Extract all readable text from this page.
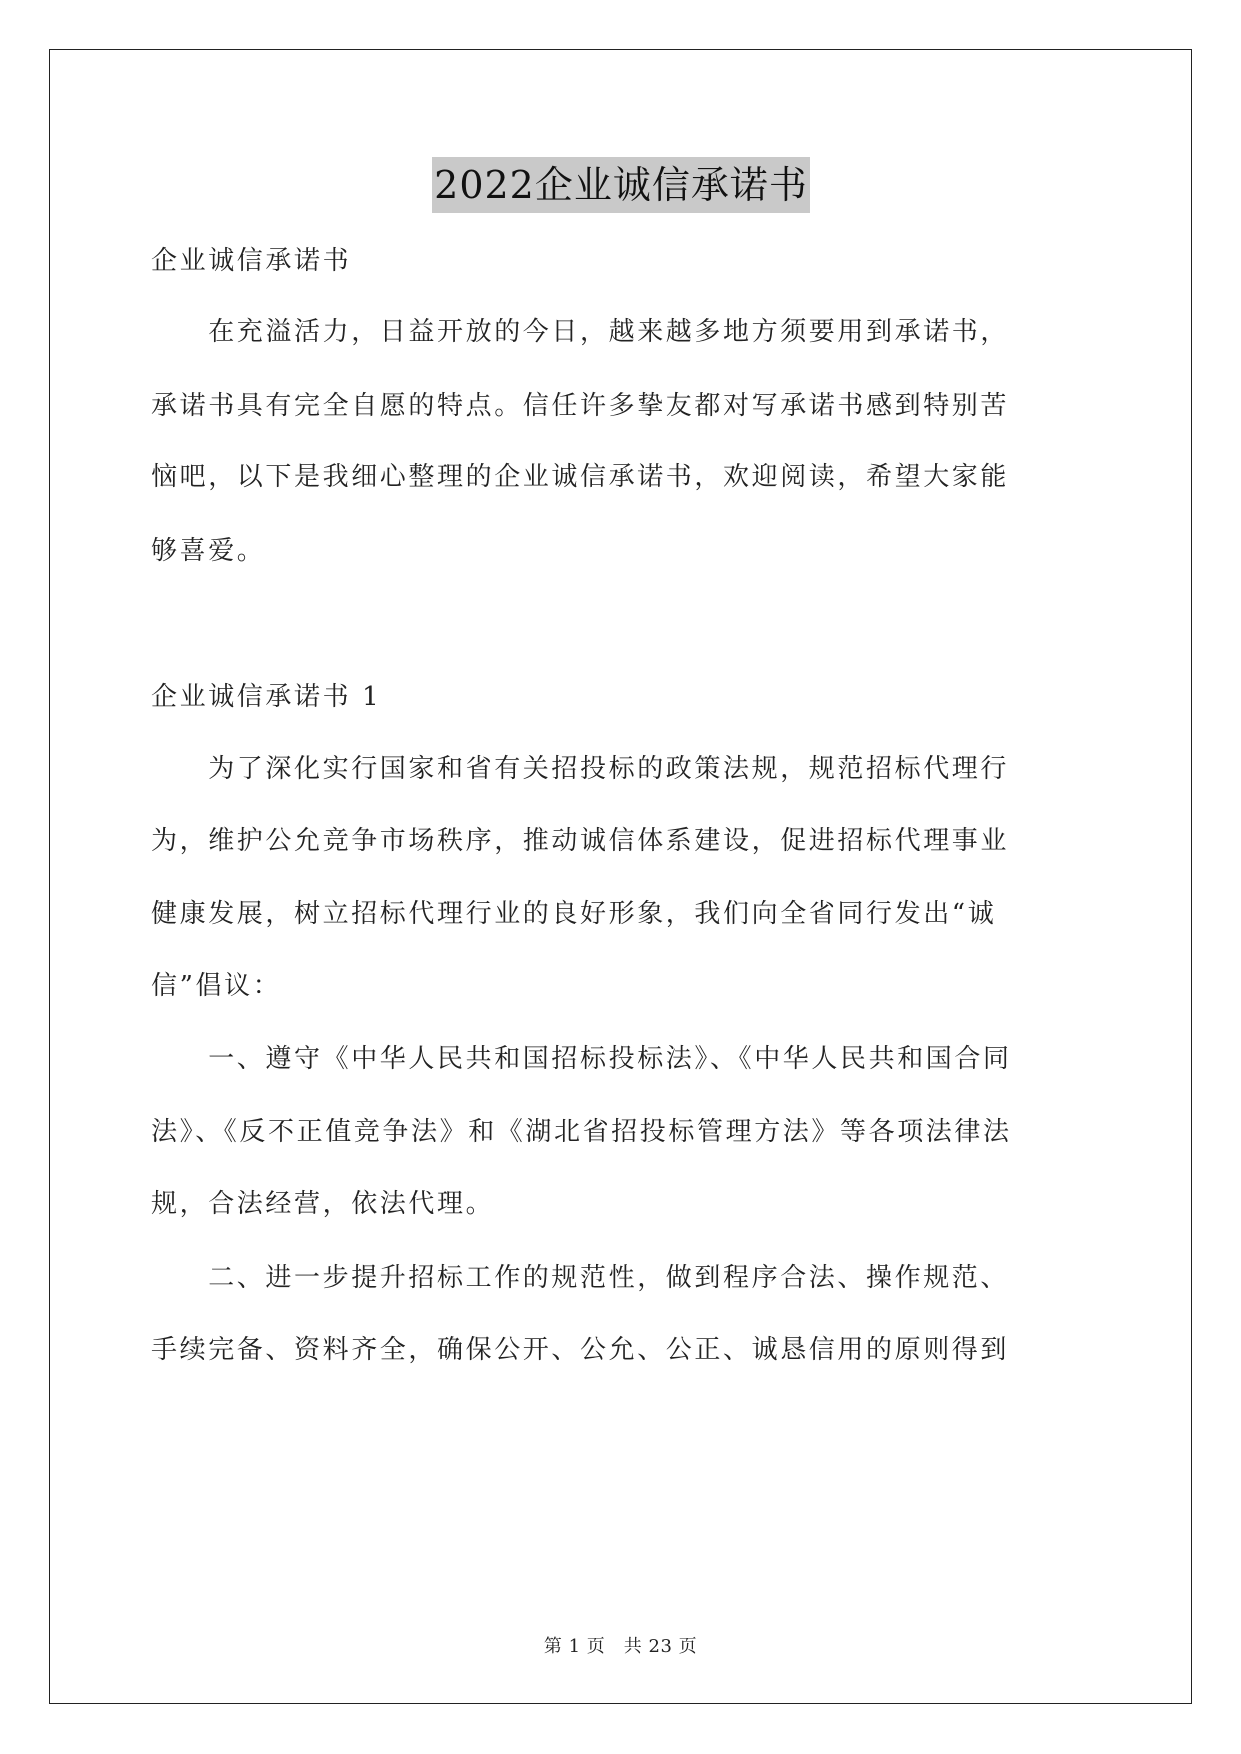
2022企业诚信承诺书
企业诚信承诺书
　　在充溢活力，日益开放的今日，越来越多地方须要用到承诺书，
承诺书具有完全自愿的特点。信任许多挚友都对写承诺书感到特别苦
恼吧，以下是我细心整理的企业诚信承诺书，欢迎阅读，希望大家能
够喜爱。
企业诚信承诺书 1
　　为了深化实行国家和省有关招投标的政策法规，规范招标代理行
为，维护公允竞争市场秩序，推动诚信体系建设，促进招标代理事业
健康发展，树立招标代理行业的良好形象，我们向全省同行发出“诚
信”倡议：
　　一、遵守《中华人民共和国招标投标法》、《中华人民共和国合同
法》、《反不正值竞争法》和《湖北省招投标管理方法》等各项法律法
规，合法经营，依法代理。
　　二、进一步提升招标工作的规范性，做到程序合法、操作规范、
手续完备、资料齐全，确保公开、公允、公正、诚恳信用的原则得到
第 1 页　共 23 页
